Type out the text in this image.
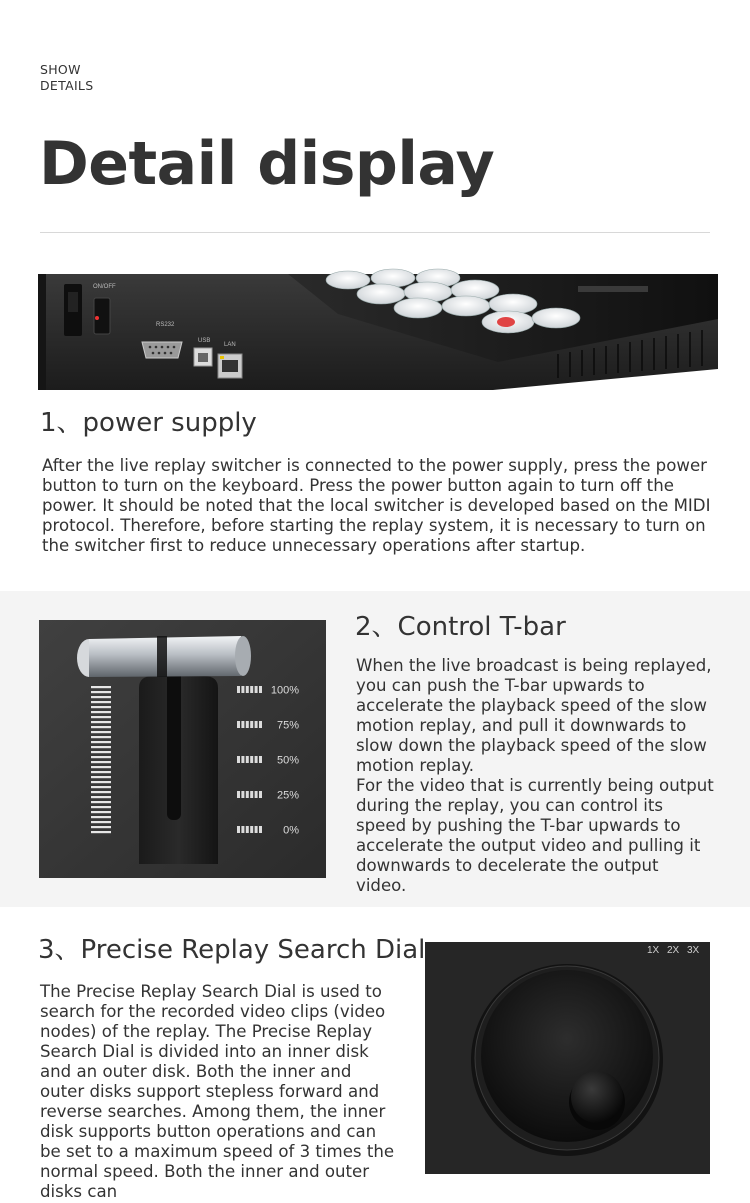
SHOW
DETAILS
Detail display
ON/OFF
RS232
USB
LAN
1、power supply

After the live replay switcher is connected to the power supply, press the power button to turn on the keyboard. Press the power button again to turn off the power. It should be noted that the local switcher is developed based on the MIDI protocol. Therefore, before starting the replay system, it is necessary to turn on the switcher first to reduce unnecessary operations after startup.

100%
75%
50%
25%
0%
2、Control T-bar

When the live broadcast is being replayed, you can push the T-bar upwards to accelerate the playback speed of the slow motion replay, and pull it downwards to slow down the playback speed of the slow motion replay.

For the video that is currently being output during the replay, you can control its speed by pushing the T-bar upwards to accelerate the output video and pulling it downwards to decelerate the output video.

3、Precise Replay Search Dial

The Precise Replay Search Dial is used to search for the recorded video clips (video nodes) of the replay. The Precise Replay Search Dial is divided into an inner disk and an outer disk. Both the inner and outer disks support stepless forward and reverse searches. Among them, the inner disk supports button operations and can be set to a maximum speed of 3 times the normal speed. Both the inner and outer disks can

1X 2X 3X
